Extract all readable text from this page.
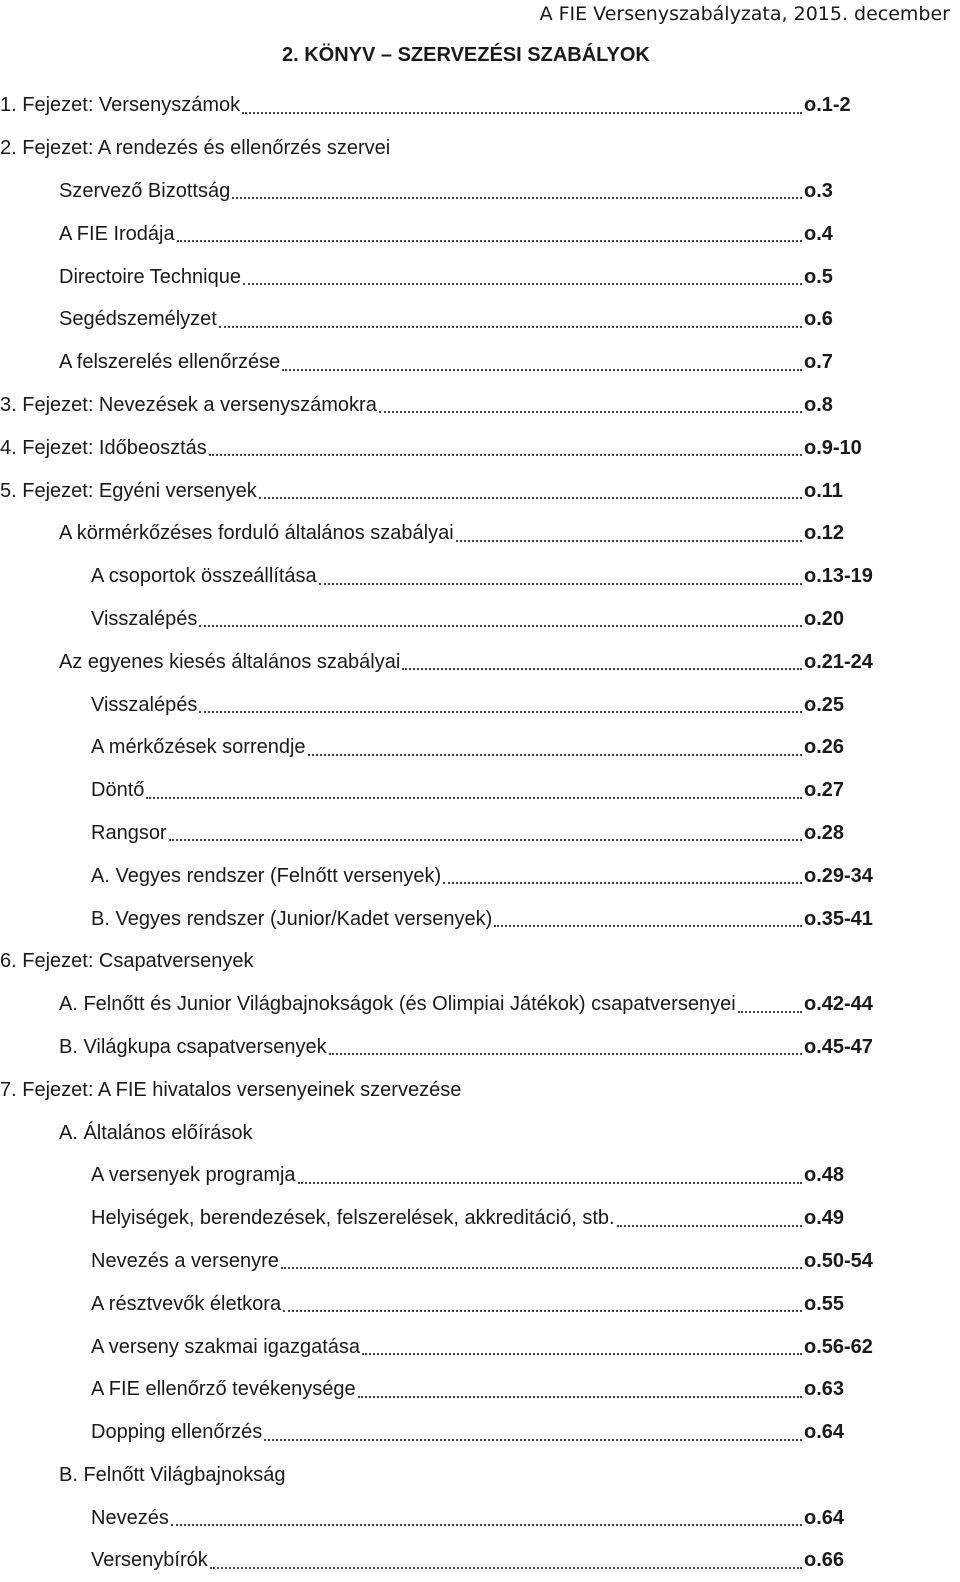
A FIE Versenyszabályzata, 2015. december
2. KÖNYV – SZERVEZÉSI SZABÁLYOK
1. Fejezet: Versenyszámok	o.1-2
2. Fejezet: A rendezés és ellenőrzés szervei
Szervező Bizottság	o.3
A FIE Irodája	o.4
Directoire Technique	o.5
Segédszemélyzet	o.6
A felszerelés ellenőrzése	o.7
3. Fejezet: Nevezések a versenyszámokra	o.8
4. Fejezet: Időbeosztás	o.9-10
5. Fejezet: Egyéni versenyek	o.11
A körmérkőzéses forduló általános szabályai	o.12
A csoportok összeállítása	o.13-19
Visszalépés	o.20
Az egyenes kiesés általános szabályai	o.21-24
Visszalépés	o.25
A mérkőzések sorrendje	o.26
Döntő	o.27
Rangsor	o.28
A. Vegyes rendszer (Felnőtt versenyek)	o.29-34
B. Vegyes rendszer (Junior/Kadet versenyek)	o.35-41
6. Fejezet: Csapatversenyek
A. Felnőtt és Junior Világbajnokságok (és Olimpiai Játékok) csapatversenyei	o.42-44
B. Világkupa csapatversenyek	o.45-47
7. Fejezet: A FIE hivatalos versenyeinek szervezése
A. Általános előírások
A versenyek programja	o.48
Helyiségek, berendezések, felszerelések, akkreditáció, stb.	o.49
Nevezés a versenyre	o.50-54
A résztvevők életkora	o.55
A verseny szakmai igazgatása	o.56-62
A FIE ellenőrző tevékenysége	o.63
Dopping ellenőrzés	o.64
B. Felnőtt Világbajnokság
Nevezés	o.64
Versenybírók	o.66
